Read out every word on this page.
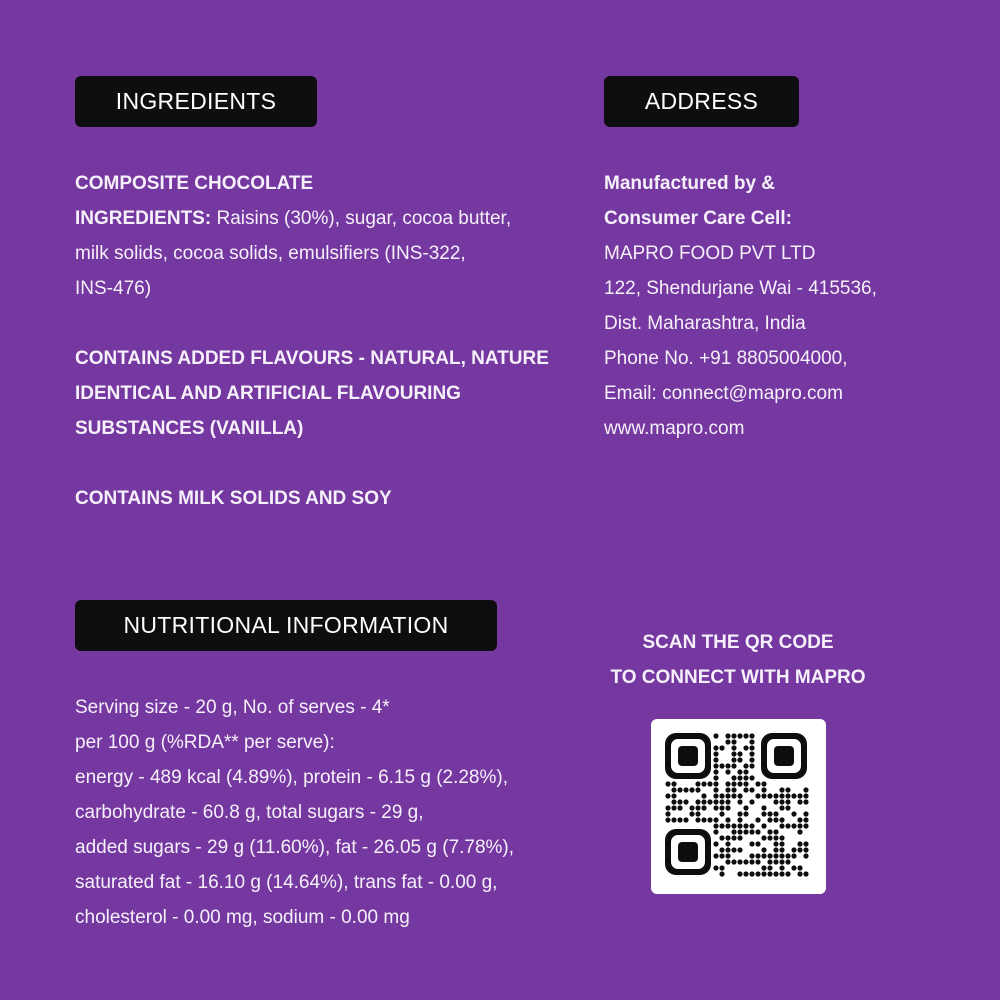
INGREDIENTS	ADDRESS
COMPOSITE CHOCOLATE
INGREDIENTS: Raisins (30%), sugar, cocoa butter,
milk solids, cocoa solids, emulsifiers (INS-322,
INS-476)
CONTAINS ADDED FLAVOURS - NATURAL, NATURE
IDENTICAL AND ARTIFICIAL FLAVOURING
SUBSTANCES (VANILLA)
CONTAINS MILK SOLIDS AND SOY
Manufactured by &
Consumer Care Cell:
MAPRO FOOD PVT LTD
122, Shendurjane Wai - 415536,
Dist. Maharashtra, India
Phone No. +91 8805004000,
Email: connect@mapro.com
www.mapro.com
NUTRITIONAL INFORMATION
Serving size - 20 g, No. of serves - 4*
per 100 g (%RDA** per serve):
energy - 489 kcal (4.89%), protein - 6.15 g (2.28%),
carbohydrate - 60.8 g, total sugars - 29 g,
added sugars - 29 g (11.60%), fat - 26.05 g (7.78%),
saturated fat - 16.10 g (14.64%), trans fat - 0.00 g,
cholesterol - 0.00 mg, sodium - 0.00 mg
SCAN THE QR CODE
TO CONNECT WITH MAPRO
